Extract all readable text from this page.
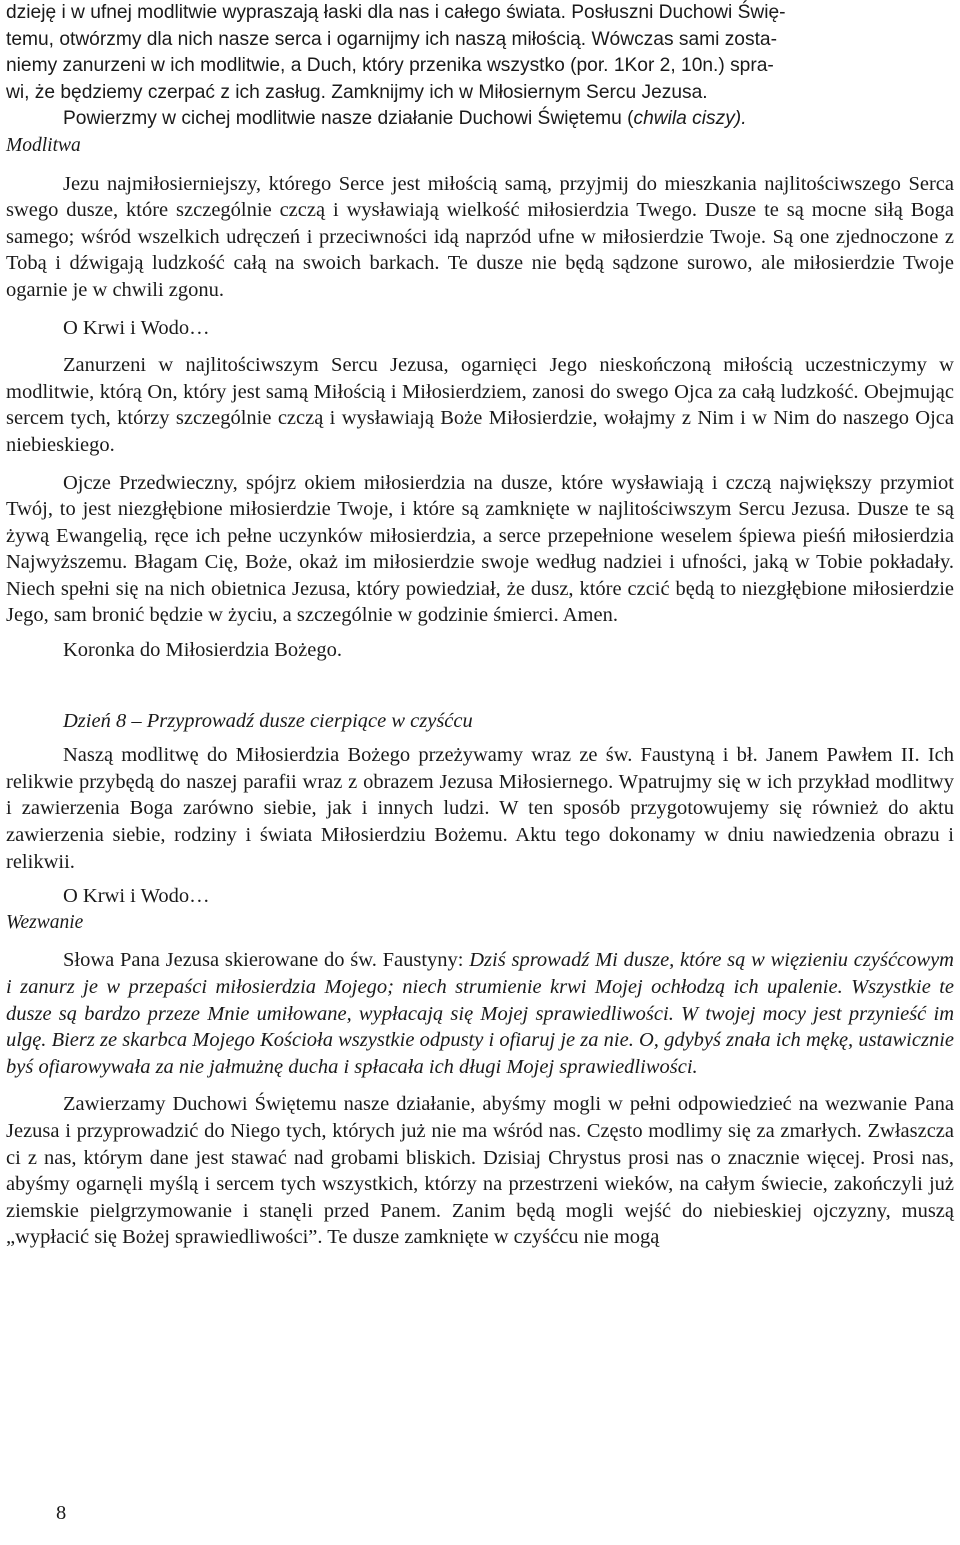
dzieję i w ufnej modlitwie wypraszają łaski dla nas i całego świata. Posłuszni Duchowi Świę-
temu, otwórzmy dla nich nasze serca i ogarnijmy ich naszą miłością. Wówczas sami zosta-
niemy zanurzeni w ich modlitwie, a Duch, który przenika wszystko (por. 1Kor 2, 10n.) spra-
wi, że będziemy czerpać z ich zasług. Zamknijmy ich w Miłosiernym Sercu Jezusa.

Powierzmy w cichej modlitwie nasze działanie Duchowi Świętemu (chwila ciszy).

Modlitwa

Jezu najmiłosierniejszy, którego Serce jest miłością samą, przyjmij do mieszkania najlitościwszego Serca swego dusze, które szczególnie czczą i wysławiają wielkość miłosierdzia Twego. Dusze te są mocne siłą Boga samego; wśród wszelkich udręczeń i przeciwności idą naprzód ufne w miłosierdzie Twoje. Są one zjednoczone z Tobą i dźwigają ludzkość całą na swoich barkach. Te dusze nie będą sądzone surowo, ale miłosierdzie Twoje ogarnie je w chwili zgonu.

O Krwi i Wodo…

Zanurzeni w najlitościwszym Sercu Jezusa, ogarnięci Jego nieskończoną miłością uczestniczymy w modlitwie, którą On, który jest samą Miłością i Miłosierdziem, zanosi do swego Ojca za całą ludzkość. Obejmując sercem tych, którzy szczególnie czczą i wysławiają Boże Miłosierdzie, wołajmy z Nim i w Nim do naszego Ojca niebieskiego.

Ojcze Przedwieczny, spójrz okiem miłosierdzia na dusze, które wysławiają i czczą największy przymiot Twój, to jest niezgłębione miłosierdzie Twoje, i które są zamknięte w najlitościwszym Sercu Jezusa. Dusze te są żywą Ewangelią, ręce ich pełne uczynków miłosierdzia, a serce przepełnione weselem śpiewa pieśń miłosierdzia Najwyższemu. Błagam Cię, Boże, okaż im miłosierdzie swoje według nadziei i ufności, jaką w Tobie pokładały. Niech spełni się na nich obietnica Jezusa, który powiedział, że dusz, które czcić będą to niezgłębione miłosierdzie Jego, sam bronić będzie w życiu, a szczególnie w godzinie śmierci. Amen.

Koronka do Miłosierdzia Bożego.

Dzień 8 – Przyprowadź dusze cierpiące w czyśćcu

Naszą modlitwę do Miłosierdzia Bożego przeżywamy wraz ze św. Faustyną i bł. Janem Pawłem II. Ich relikwie przybędą do naszej parafii wraz z obrazem Jezusa Miłosiernego. Wpatrujmy się w ich przykład modlitwy i zawierzenia Boga zarówno siebie, jak i innych ludzi. W ten sposób przygotowujemy się również do aktu zawierzenia siebie, rodziny i świata Miłosierdziu Bożemu. Aktu tego dokonamy w dniu nawiedzenia obrazu i relikwii.

O Krwi i Wodo…

Wezwanie

Słowa Pana Jezusa skierowane do św. Faustyny: Dziś sprowadź Mi dusze, które są w więzieniu czyśćcowym i zanurz je w przepaści miłosierdzia Mojego; niech strumienie krwi Mojej ochłodzą ich upalenie. Wszystkie te dusze są bardzo przeze Mnie umiłowane, wypłacają się Mojej sprawiedliwości. W twojej mocy jest przynieść im ulgę. Bierz ze skarbca Mojego Kościoła wszystkie odpusty i ofiaruj je za nie. O, gdybyś znała ich mękę, ustawicznie byś ofiarowywała za nie jałmużnę ducha i spłacała ich długi Mojej sprawiedliwości.

Zawierzamy Duchowi Świętemu nasze działanie, abyśmy mogli w pełni odpowiedzieć na wezwanie Pana Jezusa i przyprowadzić do Niego tych, których już nie ma wśród nas. Często modlimy się za zmarłych. Zwłaszcza ci z nas, którym dane jest stawać nad grobami bliskich. Dzisiaj Chrystus prosi nas o znacznie więcej. Prosi nas, abyśmy ogarnęli myślą i sercem tych wszystkich, którzy na przestrzeni wieków, na całym świecie, zakończyli już ziemskie pielgrzymowanie i stanęli przed Panem. Zanim będą mogli wejść do niebieskiej ojczyzny, muszą „wypłacić się Bożej sprawiedliwości”. Te dusze zamknięte w czyśćcu nie mogą

8
